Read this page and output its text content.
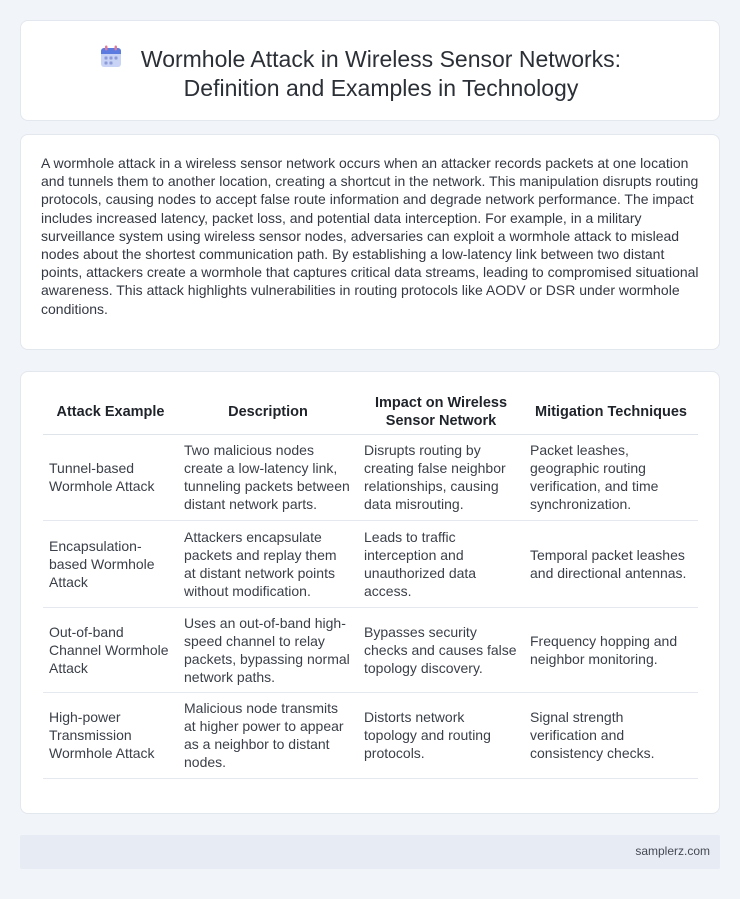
Wormhole Attack in Wireless Sensor Networks:
Definition and Examples in Technology

A wormhole attack in a wireless sensor network occurs when an attacker records packets at one location and tunnels them to another location, creating a shortcut in the network. This manipulation disrupts routing protocols, causing nodes to accept false route information and degrade network performance. The impact includes increased latency, packet loss, and potential data interception. For example, in a military surveillance system using wireless sensor nodes, adversaries can exploit a wormhole attack to mislead nodes about the shortest communication path. By establishing a low-latency link between two distant points, attackers create a wormhole that captures critical data streams, leading to compromised situational awareness. This attack highlights vulnerabilities in routing protocols like AODV or DSR under wormhole conditions.

Attack Example	Description	Impact on Wireless Sensor Network	Mitigation Techniques
Tunnel-based Wormhole Attack	Two malicious nodes create a low-latency link, tunneling packets between distant network parts.	Disrupts routing by creating false neighbor relationships, causing data misrouting.	Packet leashes, geographic routing verification, and time synchronization.
Encapsulation-based Wormhole Attack	Attackers encapsulate packets and replay them at distant network points without modification.	Leads to traffic interception and unauthorized data access.	Temporal packet leashes and directional antennas.
Out-of-band Channel Wormhole Attack	Uses an out-of-band high-speed channel to relay packets, bypassing normal network paths.	Bypasses security checks and causes false topology discovery.	Frequency hopping and neighbor monitoring.
High-power Transmission Wormhole Attack	Malicious node transmits at higher power to appear as a neighbor to distant nodes.	Distorts network topology and routing protocols.	Signal strength verification and consistency checks.
samplerz.com
